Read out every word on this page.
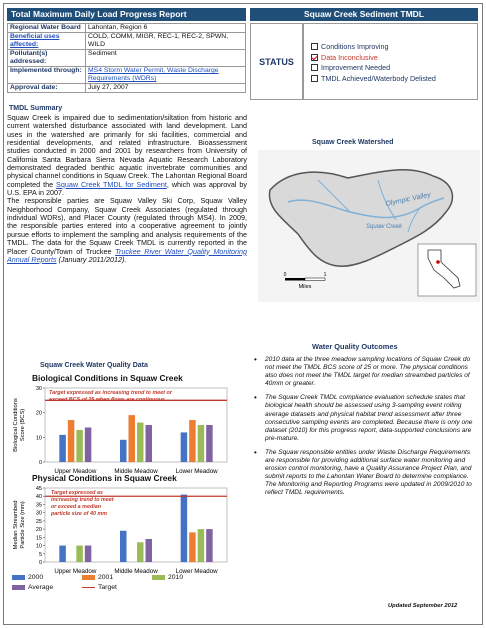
Total Maximum Daily Load Progress Report	Squaw Creek Sediment TMDL
Regional Water Board	Lahontan, Region 6
Beneficial uses affected:	COLD, COMM, MIGR, REC-1, REC-2, SPWN, WILD
Pollutant(s) addressed:	Sediment
Implemented through:	MS4 Storm Water Permit, Waste Discharge Requirements (WDRs)
Approval date:	July 27, 2007
STATUS
Conditions Improving
Data Inconclusive
Improvement Needed
TMDL Achieved/Waterbody Delisted
TMDL Summary

Squaw Creek is impaired due to sedimentation/siltation from historic and current watershed disturbance associated with land development. Land uses in the watershed are primarily for ski facilities, commercial and residential developments, and related infrastructure. Bioassessment studies conducted in 2000 and 2001 by researchers from University of California Santa Barbara Sierra Nevada Aquatic Research Laboratory demonstrated degraded benthic aquatic invertebrate communities and physical channel conditions in Squaw Creek. The Lahontan Regional Board completed the Squaw Creek TMDL for Sediment, which was approval by U.S. EPA in 2007.

The responsible parties are Squaw Valley Ski Corp, Squaw Valley Neighborhood Company, Squaw Creek Associates (regulated through individual WDRs), and Placer County (regulated through MS4). In 2009, the responsible parties entered into a cooperative agreement to jointly pursue efforts to implement the sampling and analysis requirements of the TMDL. The data for the Squaw Creek TMDL is currently reported in the Placer County/Town of Truckee Truckee River Water Quality Monitoring Annual Reports (January 2011/2012).

Squaw Creek Watershed
Olympic Valley
Squaw Creek
0	1
Miles
Water Quality Outcomes
• 2010 data at the three meadow sampling locations of Squaw Creek do not meet the TMDL BCS score of 25 or more. The physical conditions also does not meet the TMDL target for median streambed particles of 40mm or greater.
• The Squaw Creek TMDL compliance evaluation schedule states that biological health should be assessed using 3-sampling event rolling average datasets and physical habitat trend assessment after three consecutive sampling events are completed. Because there is only one dataset (2010) for this progress report, data-supported conclusions are pre-mature.
• The Squaw responsible entities under Waste Discharge Requirements are responsible for providing additional surface water monitoring and erosion control monitoring, have a Quality Assurance Project Plan, and submit reports to the Lahontan Water Board to determine compliance. The Monitoring and Reporting Programs were updated in 2009/2010 to reflect TMDL requirements.
Squaw Creek Water Quality Data
Biological Conditions in Squaw Creek
0
10
20
30
Biological Conditions Score (BCS)
Upper Meadow	Middle Meadow	Lower Meadow
Target expressed as increasing trend to meet or
exceed BCS of 25 when flows are continuous
Physical Conditions in Squaw Creek
0
5
10
15
20
25
30
35
40
45
Median Streambed Particle Size (mm)
Upper Meadow	Middle Meadow	Lower Meadow
Target expressed as
increasing trend to meet
or exceed a median
particle size of 40 mm
2000	2001	2010
Average	Target
Updated September 2012
